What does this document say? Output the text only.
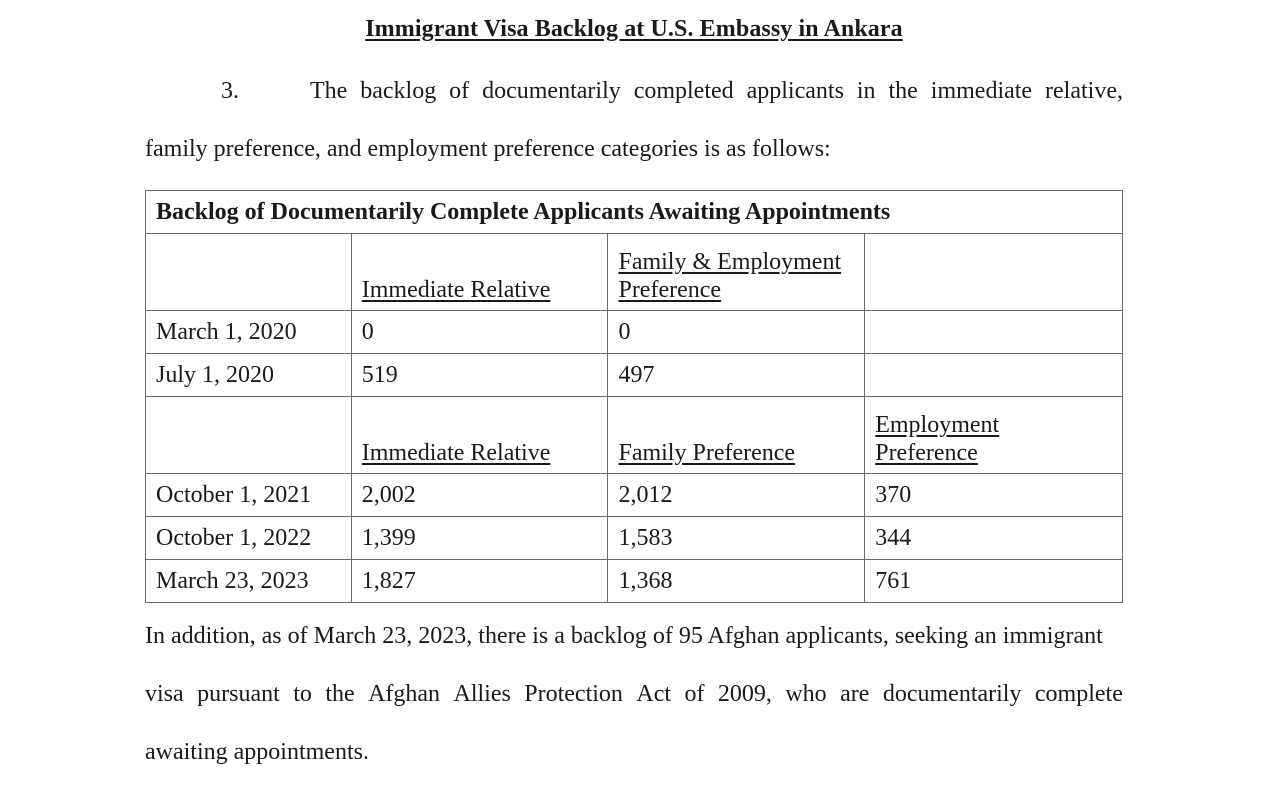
Immigrant Visa Backlog at U.S. Embassy in Ankara
3.	The backlog of documentarily completed applicants in the immediate relative,
family preference, and employment preference categories is as follows:
Backlog of Documentarily Complete Applicants Awaiting Appointments			
	Immediate Relative	Family & Employment
Preference	
March 1, 2020	0	0	
July 1, 2020	519	497	
	Immediate Relative	Family Preference	Employment
Preference
October 1, 2021	2,002	2,012	370
October 1, 2022	1,399	1,583	344
March 23, 2023	1,827	1,368	761
In addition, as of March 23, 2023, there is a backlog of 95 Afghan applicants, seeking an immigrant
visa pursuant to the Afghan Allies Protection Act of 2009, who are documentarily complete
awaiting appointments.
